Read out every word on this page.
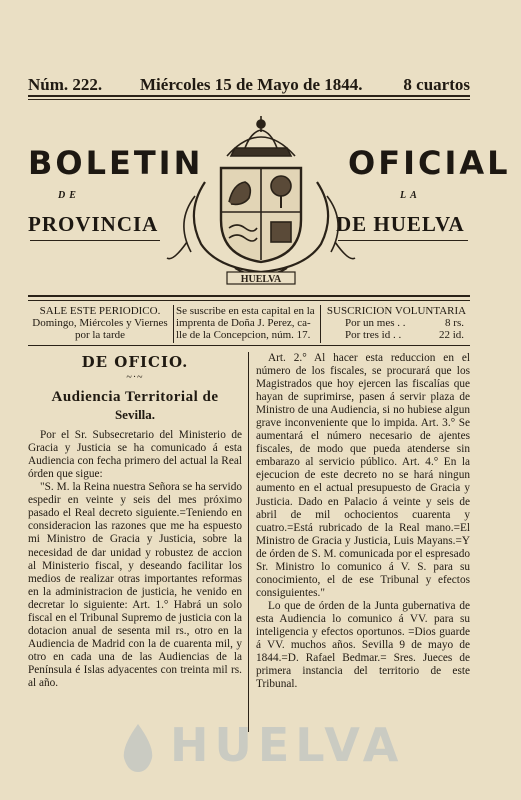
Núm. 222. Miércoles 15 de Mayo de 1844. 8 cuartos
BOLETIN	OFICIAL
DE	LA
PROVINCIA	DE HUELVA
HUELVA
SALE ESTE PERIODICO.
Domingo, Miércoles y Viernes
por la tarde
Se suscribe en esta capital en la
imprenta de Doña J. Perez, ca-
lle de la Concepcion, núm. 17.
SUSCRICION VOLUNTARIA
Por un mes . .	8 rs.
Por tres id . .	22 id.

DE OFICIO.

~·~

Audiencia Territorial de

Sevilla.

Por el Sr. Subsecretario del Ministerio de Gracia y Justicia se ha comunicado á esta Audiencia con fecha primero del actual la Real órden que sigue:

"S. M. la Reina nuestra Señora se ha servido espedir en veinte y seis del mes próximo pasado el Real decreto siguiente.=Teniendo en consideracion las razones que me ha espuesto mi Ministro de Gracia y Justicia, sobre la necesidad de dar unidad y robustez de accion al Ministerio fiscal, y deseando facilitar los medios de realizar otras importantes reformas en la administracion de justicia, he venido en decretar lo siguiente: Art. 1.° Habrá un solo fiscal en el Tribunal Supremo de justicia con la dotacion anual de sesenta mil rs., otro en la Audiencia de Madrid con la de cuarenta mil, y otro en cada una de las Audiencias de la Península é Islas adyacentes con treinta mil rs. al año.

Art. 2.° Al hacer esta reduccion en el número de los fiscales, se procurará que los Magistrados que hoy ejercen las fiscalías que hayan de suprimirse, pasen á servir plaza de Ministro de una Audiencia, si no hubiese algun grave inconveniente que lo impida. Art. 3.° Se aumentará el número necesario de ajentes fiscales, de modo que pueda atenderse sin embarazo al servicio público. Art. 4.° En la ejecucion de este decreto no se hará ningun aumento en el actual presupuesto de Gracia y Justicia. Dado en Palacio á veinte y seis de abril de mil ochocientos cuarenta y cuatro.=Está rubricado de la Real mano.=El Ministro de Gracia y Justicia, Luis Mayans.=Y de órden de S. M. comunicada por el espresado Sr. Ministro lo comunico á V. S. para su conocimiento, el de ese Tribunal y efectos consiguientes."

Lo que de órden de la Junta gubernativa de esta Audiencia lo comunico á VV. para su inteligencia y efectos oportunos. =Dios guarde á VV. muchos años. Sevilla 9 de mayo de 1844.=D. Rafael Bedmar.= Sres. Jueces de primera instancia del territorio de este Tribunal.

HUELVA
